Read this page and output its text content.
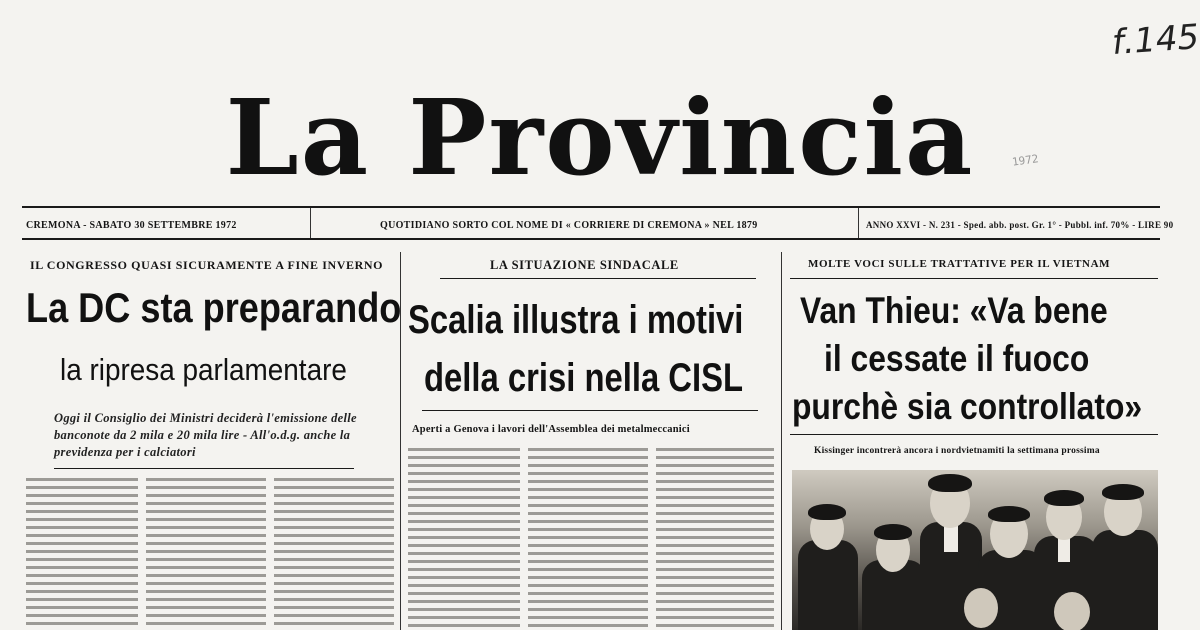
La Provincia
f.145
1972
CREMONA - SABATO 30 SETTEMBRE 1972	QUOTIDIANO SORTO COL NOME DI « CORRIERE DI CREMONA » NEL 1879	ANNO XXVI - N. 231 - Sped. abb. post. Gr. 1° - Pubbl. inf. 70% - LIRE 90
IL CONGRESSO QUASI SICURAMENTE A FINE INVERNO
La DC sta preparando
la ripresa parlamentare
Oggi il Consiglio dei Ministri deciderà l'emissione delle banconote da 2 mila e 20 mila lire - All'o.d.g. anche la previdenza per i calciatori
LA SITUAZIONE SINDACALE
Scalia illustra i motivi
della crisi nella CISL
Aperti a Genova i lavori dell'Assemblea dei metalmeccanici
MOLTE VOCI SULLE TRATTATIVE PER IL VIETNAM
Van Thieu: «Va bene
il cessate il fuoco
purchè sia controllato»
Kissinger incontrerà ancora i nordvietnamiti la settimana prossima
